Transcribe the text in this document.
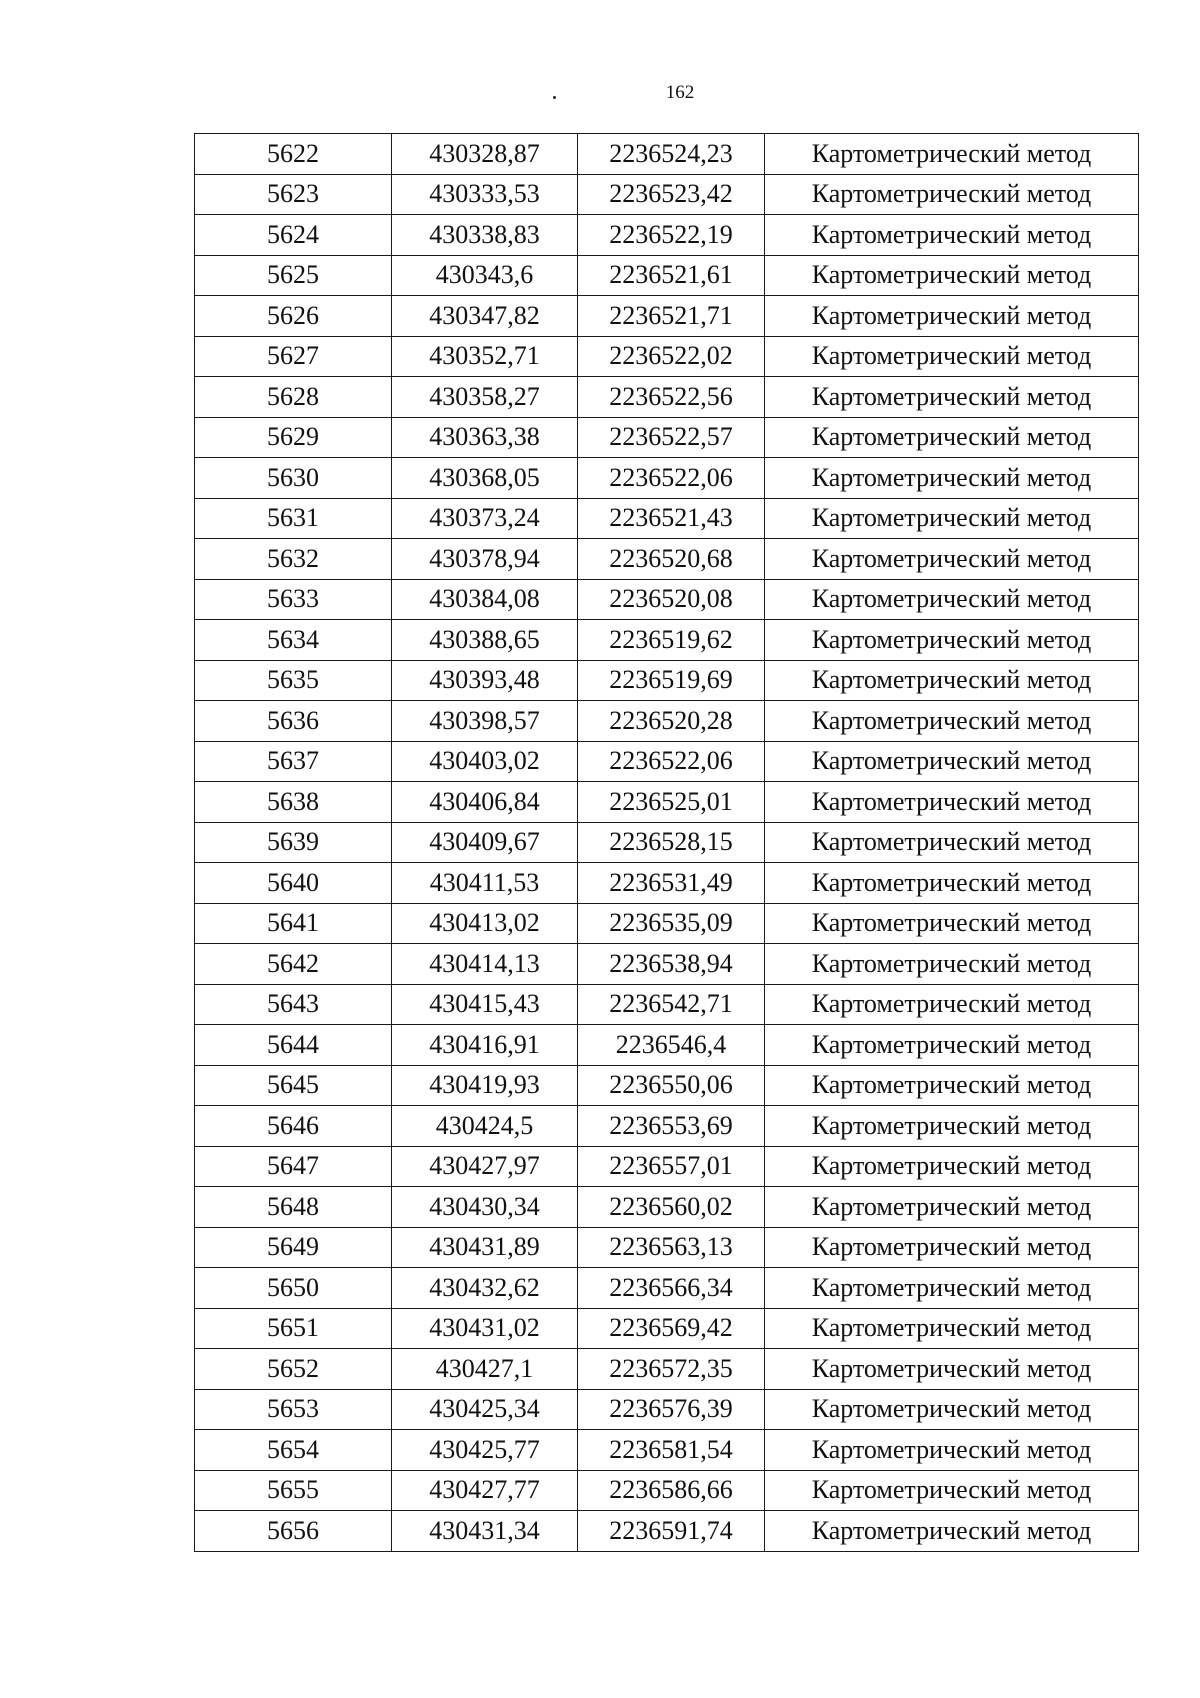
162
5622	430328,87	2236524,23	Картометрический метод
5623	430333,53	2236523,42	Картометрический метод
5624	430338,83	2236522,19	Картометрический метод
5625	430343,6	2236521,61	Картометрический метод
5626	430347,82	2236521,71	Картометрический метод
5627	430352,71	2236522,02	Картометрический метод
5628	430358,27	2236522,56	Картометрический метод
5629	430363,38	2236522,57	Картометрический метод
5630	430368,05	2236522,06	Картометрический метод
5631	430373,24	2236521,43	Картометрический метод
5632	430378,94	2236520,68	Картометрический метод
5633	430384,08	2236520,08	Картометрический метод
5634	430388,65	2236519,62	Картометрический метод
5635	430393,48	2236519,69	Картометрический метод
5636	430398,57	2236520,28	Картометрический метод
5637	430403,02	2236522,06	Картометрический метод
5638	430406,84	2236525,01	Картометрический метод
5639	430409,67	2236528,15	Картометрический метод
5640	430411,53	2236531,49	Картометрический метод
5641	430413,02	2236535,09	Картометрический метод
5642	430414,13	2236538,94	Картометрический метод
5643	430415,43	2236542,71	Картометрический метод
5644	430416,91	2236546,4	Картометрический метод
5645	430419,93	2236550,06	Картометрический метод
5646	430424,5	2236553,69	Картометрический метод
5647	430427,97	2236557,01	Картометрический метод
5648	430430,34	2236560,02	Картометрический метод
5649	430431,89	2236563,13	Картометрический метод
5650	430432,62	2236566,34	Картометрический метод
5651	430431,02	2236569,42	Картометрический метод
5652	430427,1	2236572,35	Картометрический метод
5653	430425,34	2236576,39	Картометрический метод
5654	430425,77	2236581,54	Картометрический метод
5655	430427,77	2236586,66	Картометрический метод
5656	430431,34	2236591,74	Картометрический метод
